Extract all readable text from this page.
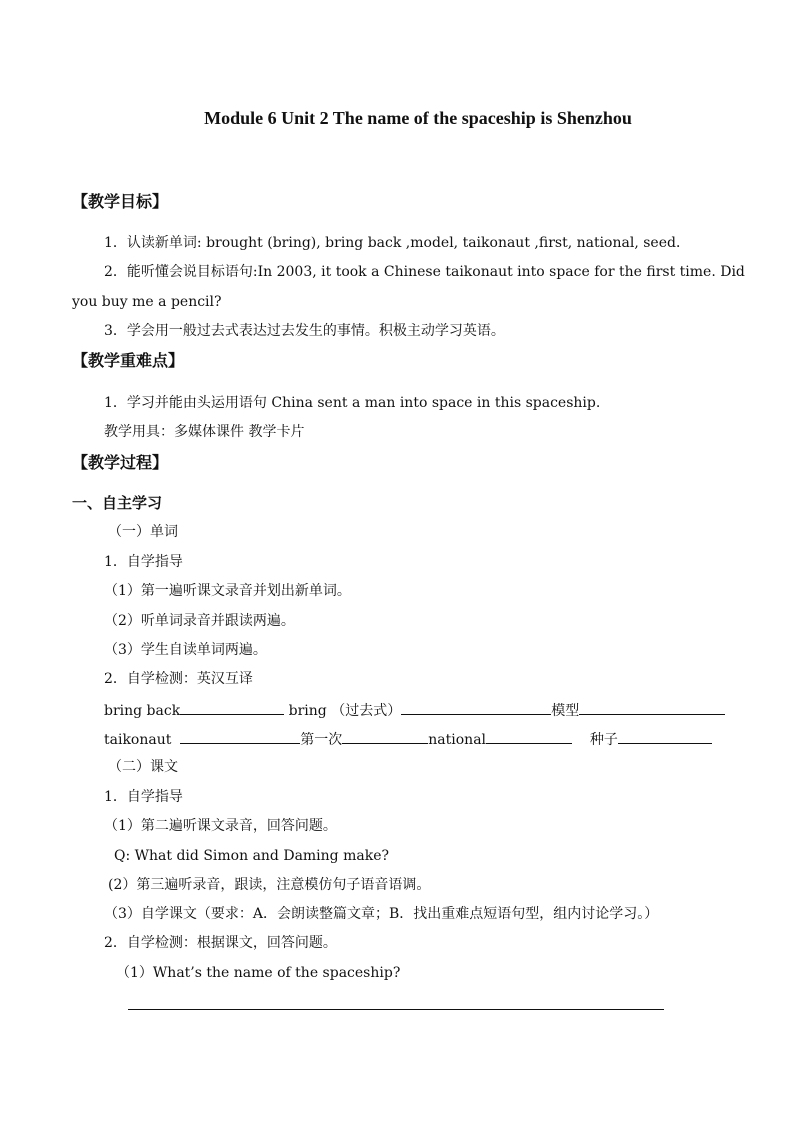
Module 6 Unit 2 The name of the spaceship is Shenzhou
【教学目标】
1．认读新单词: brought (bring), bring back ,model, taikonaut ,first, national, seed．
2．能听懂会说目标语句:In 2003, it took a Chinese taikonaut into space for the first time. Did
you buy me a pencil?
3．学会用一般过去式表达过去发生的事情。积极主动学习英语。
【教学重难点】
1．学习并能由头运用语句 China sent a man into space in this spaceship.
教学用具：多媒体课件 教学卡片
【教学过程】
一、自主学习
（一）单词
1．自学指导
（1）第一遍听课文录音并划出新单词。
（2）听单词录音并跟读两遍。
（3）学生自读单词两遍。
2．自学检测：英汉互译
bring back	bring （过去式）	模型
taikonaut	第一次	national	种子
（二）课文
1．自学指导
（1）第二遍听课文录音，回答问题。
Q: What did Simon and Daming make?
(2）第三遍听录音，跟读，注意模仿句子语音语调。
（3）自学课文（要求：A．会朗读整篇文章；B．找出重难点短语句型，组内讨论学习。）
2．自学检测：根据课文，回答问题。
（1）What’s the name of the spaceship?
